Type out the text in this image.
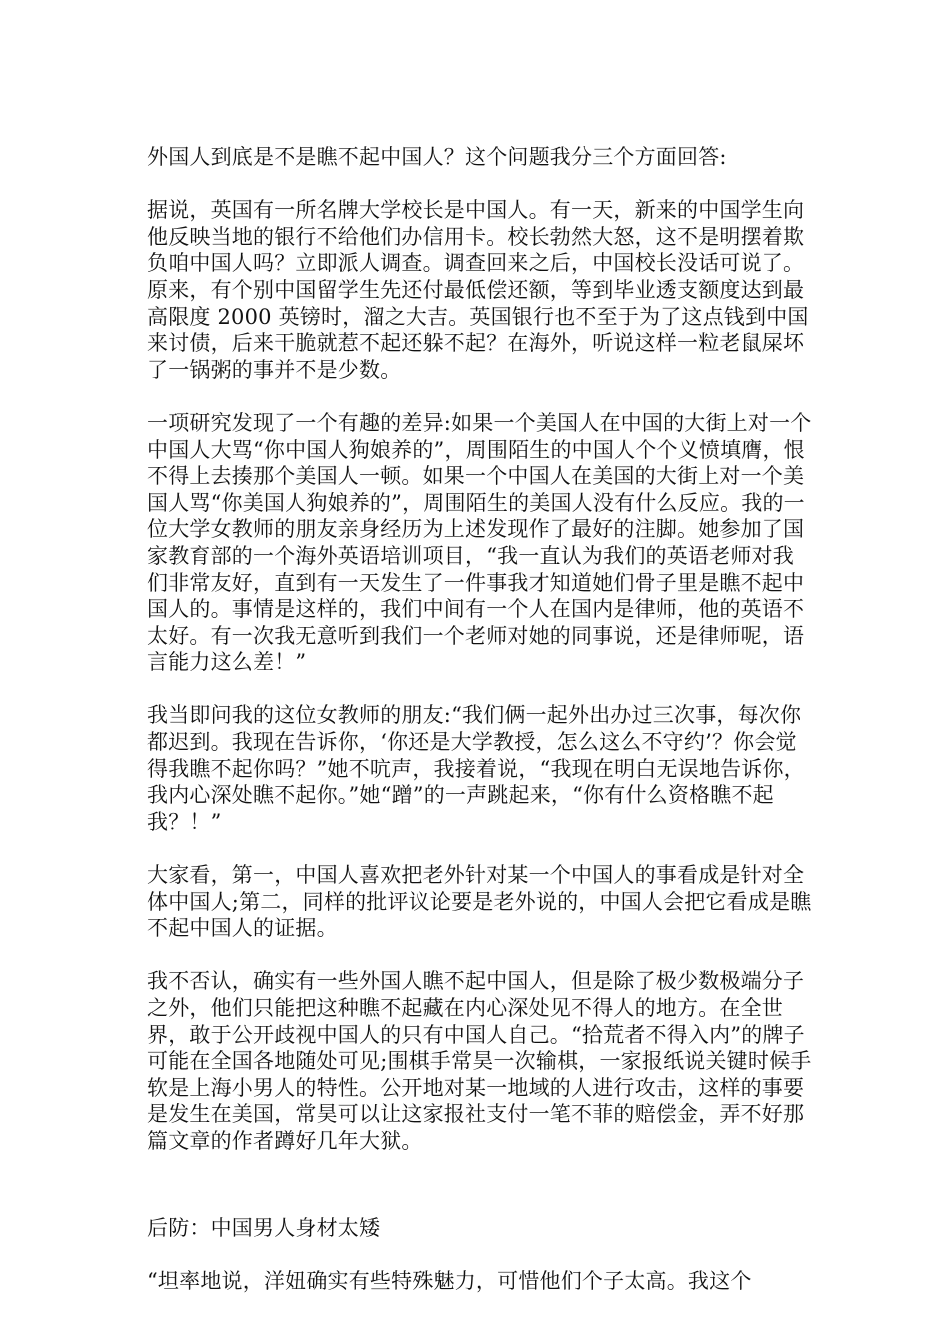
外国人到底是不是瞧不起中国人？这个问题我分三个方面回答:

据说，英国有一所名牌大学校长是中国人。有一天，新来的中国学生向他反映当地的银行不给他们办信用卡。校长勃然大怒，这不是明摆着欺负咱中国人吗？立即派人调查。调查回来之后，中国校长没话可说了。原来，有个别中国留学生先还付最低偿还额，等到毕业透支额度达到最高限度 2000 英镑时，溜之大吉。英国银行也不至于为了这点钱到中国来讨债，后来干脆就惹不起还躲不起？在海外，听说这样一粒老鼠屎坏了一锅粥的事并不是少数。

一项研究发现了一个有趣的差异:如果一个美国人在中国的大街上对一个中国人大骂“你中国人狗娘养的”，周围陌生的中国人个个义愤填膺，恨不得上去揍那个美国人一顿。如果一个中国人在美国的大街上对一个美国人骂“你美国人狗娘养的”，周围陌生的美国人没有什么反应。我的一位大学女教师的朋友亲身经历为上述发现作了最好的注脚。她参加了国家教育部的一个海外英语培训项目，“我一直认为我们的英语老师对我们非常友好，直到有一天发生了一件事我才知道她们骨子里是瞧不起中国人的。事情是这样的，我们中间有一个人在国内是律师，他的英语不太好。有一次我无意听到我们一个老师对她的同事说，还是律师呢，语言能力这么差！”

我当即问我的这位女教师的朋友:“我们俩一起外出办过三次事，每次你都迟到。我现在告诉你，‘你还是大学教授，怎么这么不守约’？你会觉得我瞧不起你吗？”她不吭声，我接着说，“我现在明白无误地告诉你，我内心深处瞧不起你。”她“蹭”的一声跳起来，“你有什么资格瞧不起我？！”

大家看，第一，中国人喜欢把老外针对某一个中国人的事看成是针对全体中国人;第二，同样的批评议论要是老外说的，中国人会把它看成是瞧不起中国人的证据。

我不否认，确实有一些外国人瞧不起中国人，但是除了极少数极端分子之外，他们只能把这种瞧不起藏在内心深处见不得人的地方。在全世界，敢于公开歧视中国人的只有中国人自己。“拾荒者不得入内”的牌子可能在全国各地随处可见;围棋手常昊一次输棋，一家报纸说关键时候手软是上海小男人的特性。公开地对某一地域的人进行攻击，这样的事要是发生在美国，常昊可以让这家报社支付一笔不菲的赔偿金，弄不好那篇文章的作者蹲好几年大狱。

后防：中国男人身材太矮

“坦率地说，洋妞确实有些特殊魅力，可惜他们个子太高。我这个
